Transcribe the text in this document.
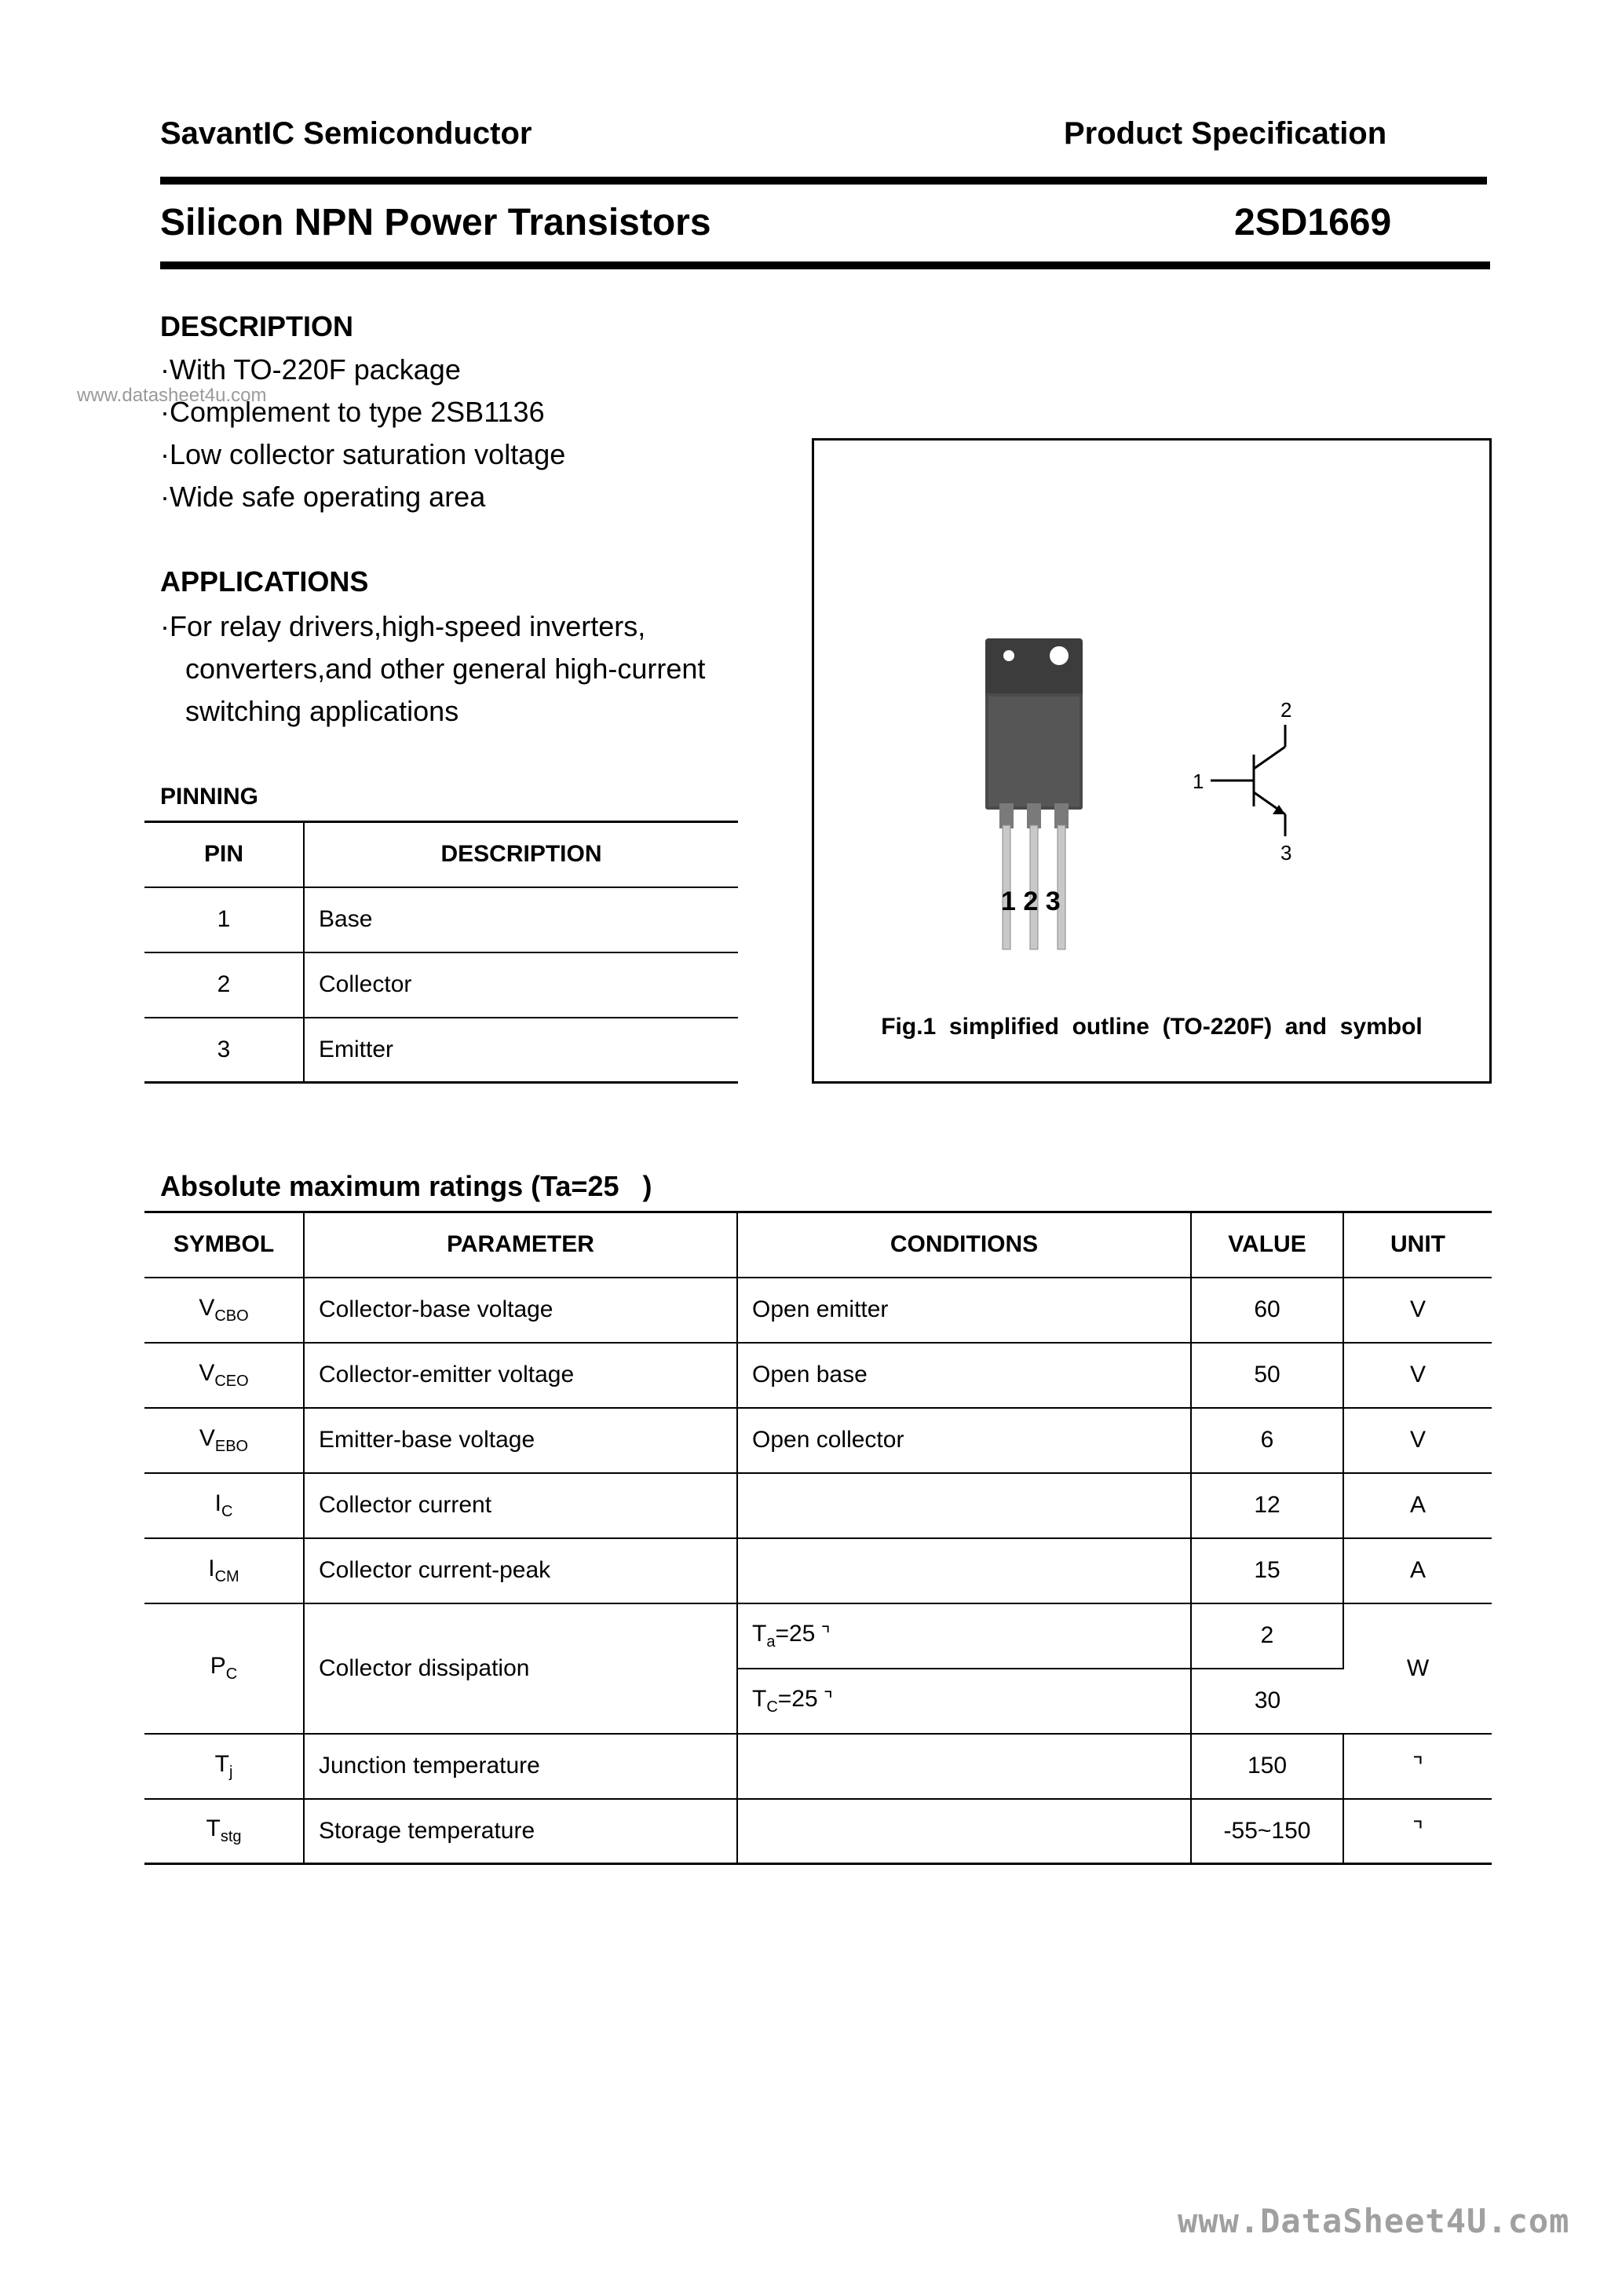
SavantIC Semiconductor	Product Specification
Silicon NPN Power Transistors	2SD1669
www.datasheet4u.com
DESCRIPTION
·With TO-220F package
·Complement to type 2SB1136
·Low collector saturation voltage
·Wide safe operating area
APPLICATIONS
·For relay drivers,high-speed inverters,
converters,and other general high-current
switching applications
PINNING
PIN	DESCRIPTION
1	Base
2	Collector
3	Emitter
1
2
3
1 2 3
Fig.1  simplified  outline  (TO-220F)  and  symbol
Absolute maximum ratings (Ta=25   )
SYMBOL	PARAMETER	CONDITIONS	VALUE	UNIT
$V_{CBO}$	Collector-base voltage	Open emitter	60	V
$V_{CEO}$	Collector-emitter voltage	Open base	50	V
$V_{EBO}$	Emitter-base voltage	Open collector	6	V
$I_C$	Collector current		12	A
$I_{CM}$	Collector current-peak		15	A
$P_C$	Collector dissipation	$T_a=25$ ⌝	2	W
		$T_C=25$ ⌝	30	
$T_j$	Junction temperature		150	⌝
$T_{stg}$	Storage temperature		-55~150	⌝
www.DataSheet4U.com
